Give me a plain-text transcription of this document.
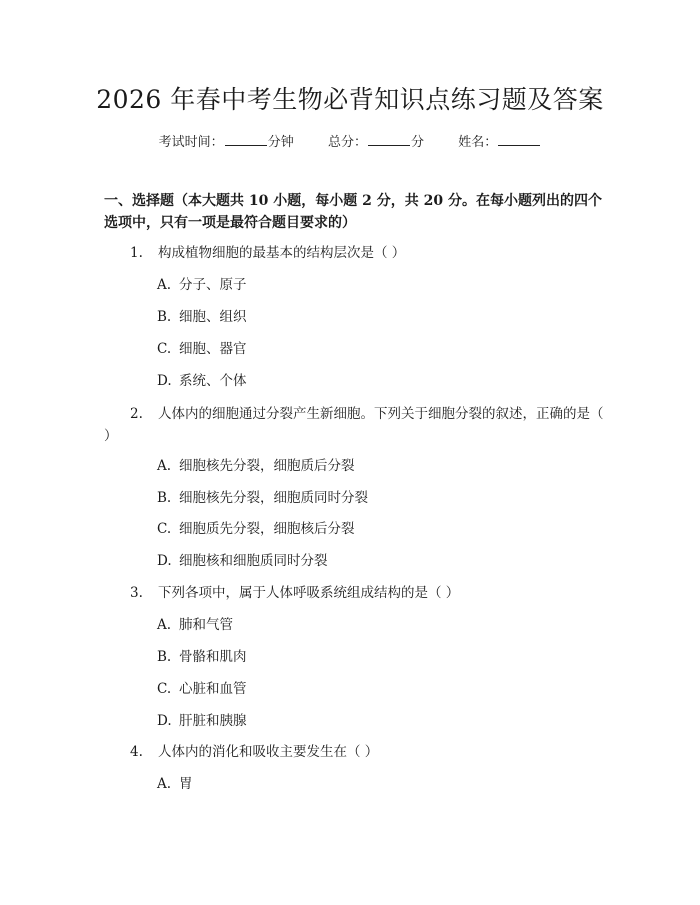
2026 年春中考生物必背知识点练习题及答案
考试时间：	分钟	总分：	分	姓名：
一、选择题（本大题共 10 小题，每小题 2 分，共 20 分。在每小题列出的四个选项中，只有一项是最符合题目要求的）
1. 构成植物细胞的最基本的结构层次是（ ）
A. 分子、原子
B. 细胞、组织
C. 细胞、器官
D. 系统、个体
2. 人体内的细胞通过分裂产生新细胞。下列关于细胞分裂的叙述，正确的是（ ）
A. 细胞核先分裂，细胞质后分裂
B. 细胞核先分裂，细胞质同时分裂
C. 细胞质先分裂，细胞核后分裂
D. 细胞核和细胞质同时分裂
3. 下列各项中，属于人体呼吸系统组成结构的是（ ）
A. 肺和气管
B. 骨骼和肌肉
C. 心脏和血管
D. 肝脏和胰腺
4. 人体内的消化和吸收主要发生在（ ）
A. 胃
